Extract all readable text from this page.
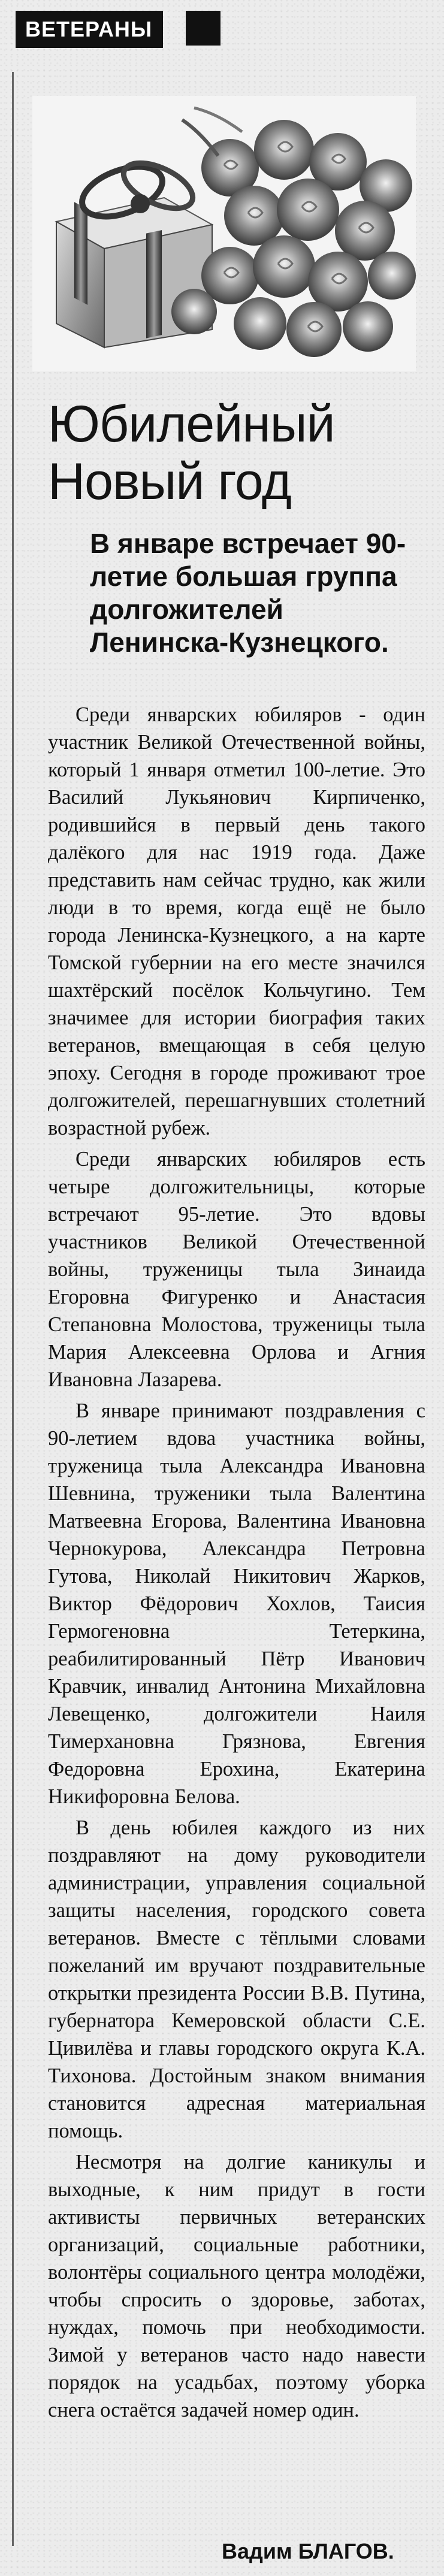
ВЕТЕРАНЫ
Юбилейный
Новый год
В январе встречает 90-летие большая группа долгожителей Ленинска-Кузнецкого.

Среди январских юбиляров - один участник Великой Отечественной войны, который 1 января отметил 100-летие. Это Василий Лукьянович Кирпиченко, родившийся в первый день такого далёкого для нас 1919 года. Даже представить нам сейчас трудно, как жили люди в то время, когда ещё не было города Ленинска-Кузнецкого, а на карте Томской губернии на его месте значился шахтёрский посёлок Кольчугино. Тем значимее для истории биография таких ветеранов, вмещающая в себя целую эпоху. Сегодня в городе проживают трое долгожителей, перешагнувших столетний возрастной рубеж.

Среди январских юбиляров есть четыре долгожительницы, которые встречают 95-летие. Это вдовы участников Великой Отечественной войны, труженицы тыла Зинаида Егоровна Фигуренко и Анастасия Степановна Молостова, труженицы тыла Мария Алексеевна Орлова и Агния Ивановна Лазарева.

В январе принимают поздравления с 90-летием вдова участника войны, труженица тыла Александра Ивановна Шевнина, труженики тыла Валентина Матвеевна Егорова, Валентина Ивановна Чернокурова, Александра Петровна Гутова, Николай Никитович Жарков, Виктор Фёдорович Хохлов, Таисия Гермогеновна Тетеркина, реабилитированный Пётр Иванович Кравчик, инвалид Антонина Михайловна Левещенко, долгожители Наиля Тимерхановна Грязнова, Евгения Федоровна Ерохина, Екатерина Никифоровна Белова.

В день юбилея каждого из них поздравляют на дому руководители администрации, управления социальной защиты населения, городского совета ветеранов. Вместе с тёплыми словами пожеланий им вручают поздравительные открытки президента России В.В. Путина, губернатора Кемеровской области С.Е. Цивилёва и главы городского округа К.А. Тихонова. Достойным знаком внимания становится адресная материальная помощь.

Несмотря на долгие каникулы и выходные, к ним придут в гости активисты первичных ветеранских организаций, социальные работники, волонтёры социального центра молодёжи, чтобы спросить о здоровье, заботах, нуждах, помочь при необходимости. Зимой у ветеранов часто надо навести порядок на усадьбах, поэтому уборка снега остаётся задачей номер один.

Вадим БЛАГОВ.
